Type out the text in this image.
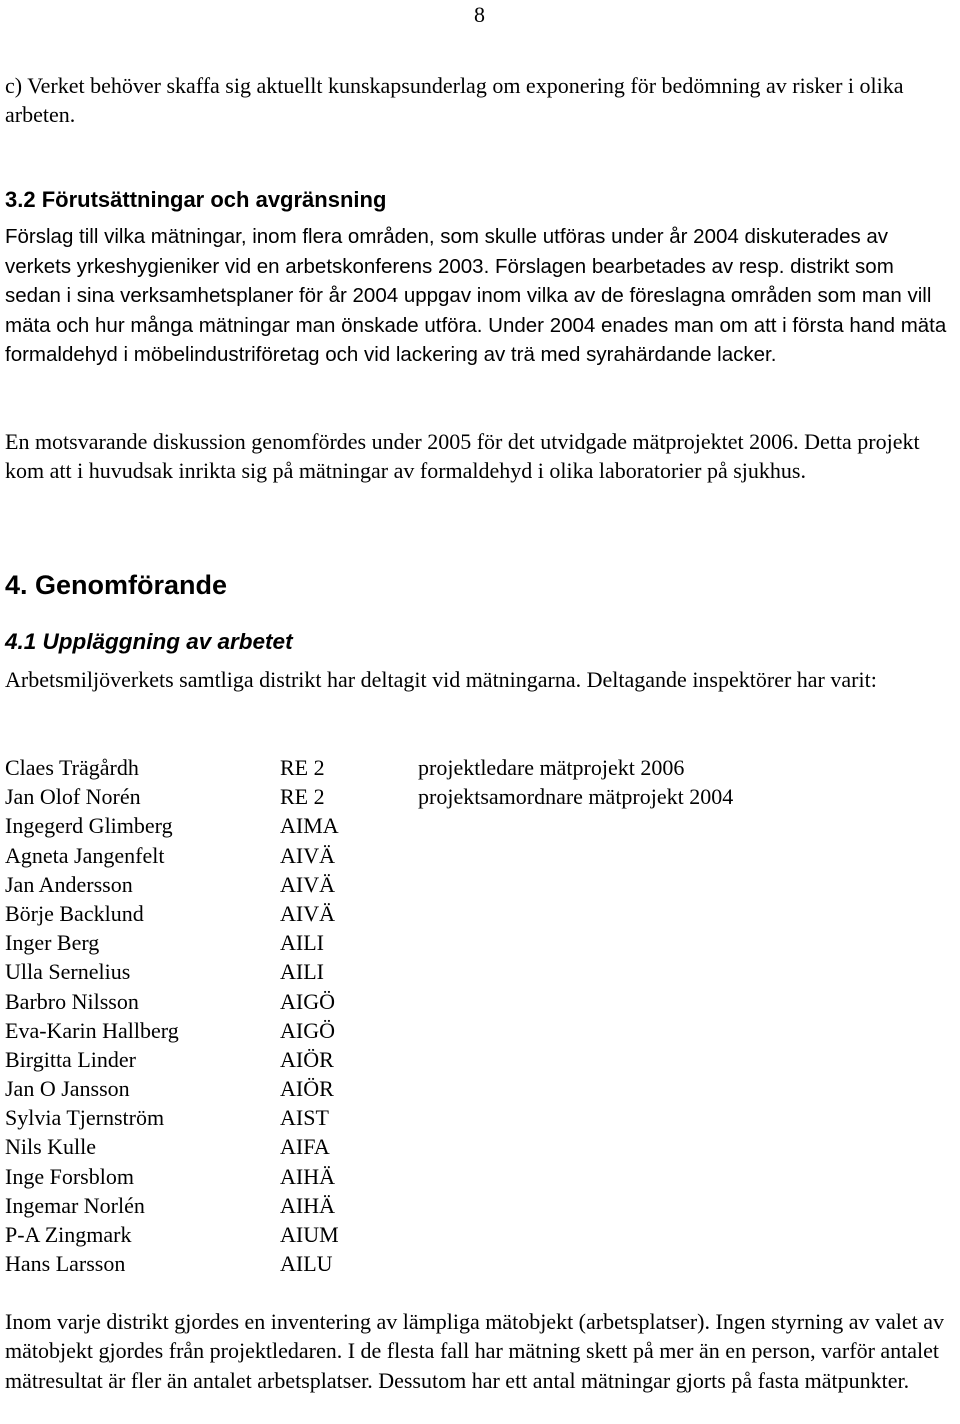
8

c) Verket behöver skaffa sig aktuellt kunskapsunderlag om exponering för bedömning av risker i olika arbeten.

3.2 Förutsättningar och avgränsning

Förslag till vilka mätningar, inom flera områden, som skulle utföras under år 2004 diskuterades av verkets yrkeshygieniker vid en arbetskonferens 2003. Förslagen bearbetades av resp. distrikt som sedan i sina verksamhetsplaner för år 2004 uppgav inom vilka av de föreslagna områden som man vill mäta och hur många mätningar man önskade utföra. Under 2004 enades man om att i första hand mäta formaldehyd i möbelindustriföretag och vid lackering av trä med syrahärdande lacker.

En motsvarande diskussion genomfördes under 2005 för det utvidgade mätprojektet 2006. Detta projekt kom att i huvudsak inrikta sig på mätningar av formaldehyd i olika laboratorier på sjukhus.

4. Genomförande
4.1 Uppläggning av arbetet

Arbetsmiljöverkets samtliga distrikt har deltagit vid mätningarna. Deltagande inspektörer har varit:

Claes Trägårdh	RE 2	projektledare mätprojekt 2006
Jan Olof Norén	RE 2	projektsamordnare mätprojekt 2004
Ingegerd Glimberg	AIMA
Agneta Jangenfelt	AIVÄ
Jan Andersson	AIVÄ
Börje Backlund	AIVÄ
Inger Berg	AILI
Ulla Sernelius	AILI
Barbro Nilsson	AIGÖ
Eva-Karin Hallberg	AIGÖ
Birgitta Linder	AIÖR
Jan O Jansson	AIÖR
Sylvia Tjernström	AIST
Nils Kulle	AIFA
Inge Forsblom	AIHÄ
Ingemar Norlén	AIHÄ
P-A Zingmark	AIUM
Hans Larsson	AILU

Inom varje distrikt gjordes en inventering av lämpliga mätobjekt (arbetsplatser). Ingen styrning av valet av mätobjekt gjordes från projektledaren. I de flesta fall har mätning skett på mer än en person, varför antalet mätresultat är fler än antalet arbetsplatser. Dessutom har ett antal mätningar gjorts på fasta mätpunkter.
